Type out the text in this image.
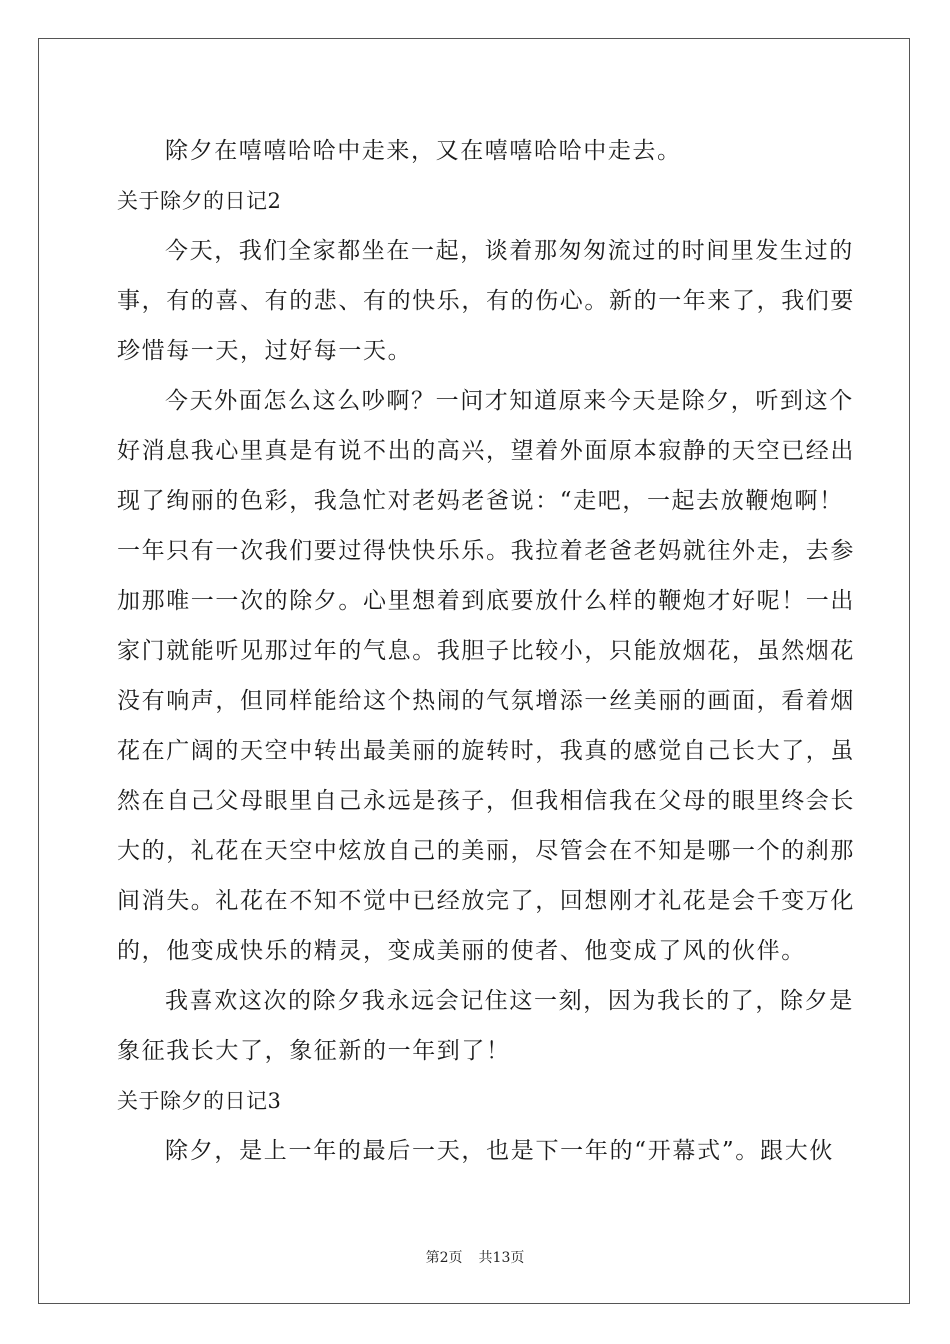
除夕在嘻嘻哈哈中走来，又在嘻嘻哈哈中走去。
关于除夕的日记2
今天，我们全家都坐在一起，谈着那匆匆流过的时间里发生过的
事，有的喜、有的悲、有的快乐，有的伤心。新的一年来了，我们要
珍惜每一天，过好每一天。
今天外面怎么这么吵啊？一问才知道原来今天是除夕，听到这个
好消息我心里真是有说不出的高兴，望着外面原本寂静的天空已经出
现了绚丽的色彩，我急忙对老妈老爸说：“走吧，一起去放鞭炮啊！
一年只有一次我们要过得快快乐乐。我拉着老爸老妈就往外走，去参
加那唯一一次的除夕。心里想着到底要放什么样的鞭炮才好呢！一出
家门就能听见那过年的气息。我胆子比较小，只能放烟花，虽然烟花
没有响声，但同样能给这个热闹的气氛增添一丝美丽的画面，看着烟
花在广阔的天空中转出最美丽的旋转时，我真的感觉自己长大了，虽
然在自己父母眼里自己永远是孩子，但我相信我在父母的眼里终会长
大的，礼花在天空中炫放自己的美丽，尽管会在不知是哪一个的刹那
间消失。礼花在不知不觉中已经放完了，回想刚才礼花是会千变万化
的，他变成快乐的精灵，变成美丽的使者、他变成了风的伙伴。
我喜欢这次的除夕我永远会记住这一刻，因为我长的了，除夕是
象征我长大了，象征新的一年到了！
关于除夕的日记3
除夕，是上一年的最后一天，也是下一年的“开幕式”。跟大伙
第2页 共13页
